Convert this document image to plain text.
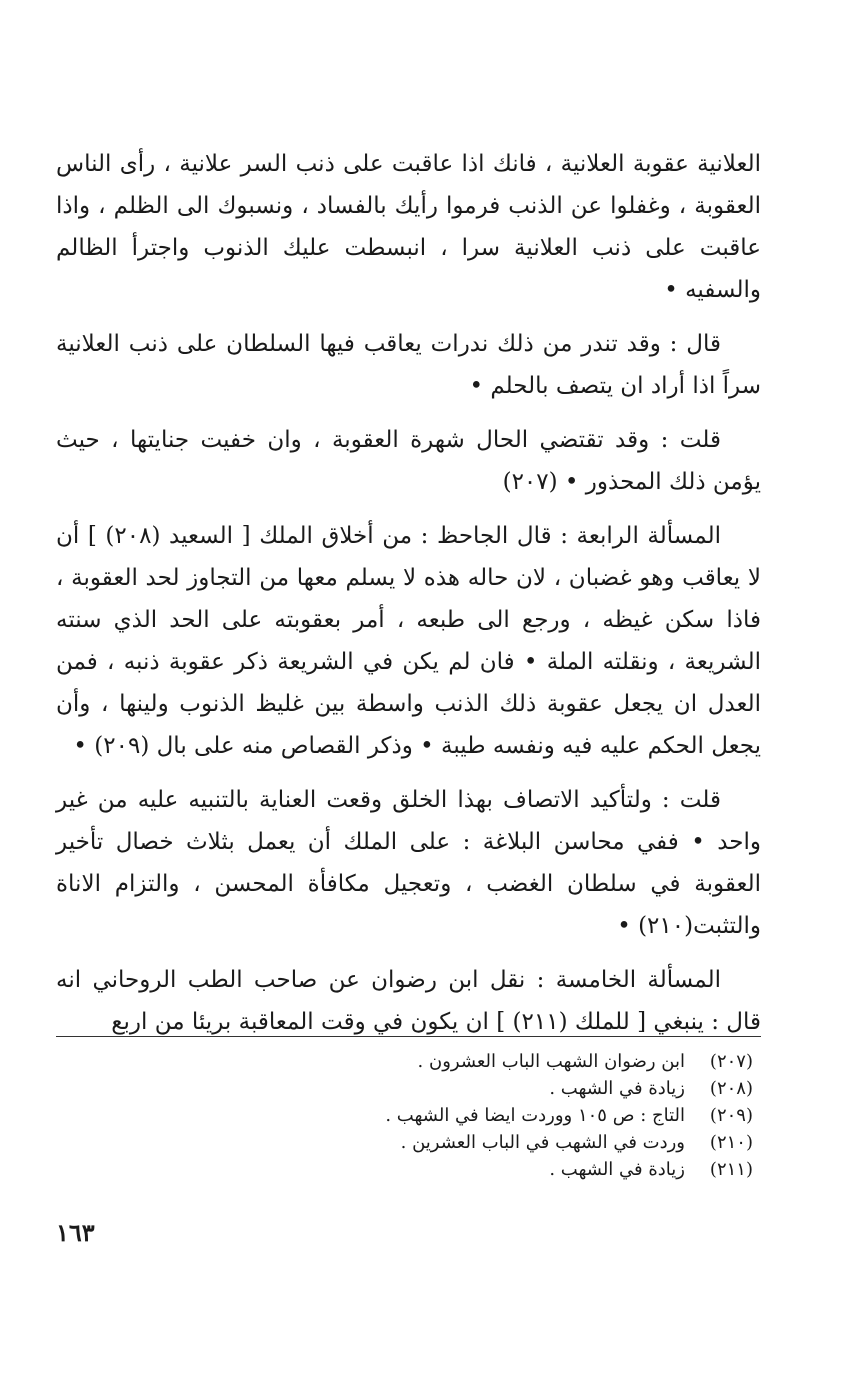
العلانية عقوبة العلانية ، فانك اذا عاقبت على ذنب السر علانية ، رأى الناس العقوبة ، وغفلوا عن الذنب فرموا رأيك بالفساد ، ونسبوك الى الظلم ، واذا عاقبت على ذنب العلانية سرا ، انبسطت عليك الذنوب واجترأ الظالم والسفيه •

قال : وقد تندر من ذلك ندرات يعاقب فيها السلطان على ذنب العلانية سراً اذا أراد ان يتصف بالحلم •

قلت : وقد تقتضي الحال شهرة العقوبة ، وان خفيت جنايتها ، حيث يؤمن ذلك المحذور • (٢٠٧)

المسألة الرابعة : قال الجاحظ : من أخلاق الملك [ السعيد (٢٠٨) ] أن لا يعاقب وهو غضبان ، لان حاله هذه لا يسلم معها من التجاوز لحد العقوبة ، فاذا سكن غيظه ، ورجع الى طبعه ، أمر بعقوبته على الحد الذي سنته الشريعة ، ونقلته الملة • فان لم يكن في الشريعة ذكر عقوبة ذنبه ، فمن العدل ان يجعل عقوبة ذلك الذنب واسطة بين غليظ الذنوب ولينها ، وأن يجعل الحكم عليه فيه ونفسه طيبة • وذكر القصاص منه على بال (٢٠٩) •

قلت : ولتأكيد الاتصاف بهذا الخلق وقعت العناية بالتنبيه عليه من غير واحد • ففي محاسن البلاغة : على الملك أن يعمل بثلاث خصال تأخير العقوبة في سلطان الغضب ، وتعجيل مكافأة المحسن ، والتزام الاناة والتثبت(٢١٠) •

المسألة الخامسة : نقل ابن رضوان عن صاحب الطب الروحاني انه قال : ينبغي [ للملك (٢١١) ] ان يكون في وقت المعاقبة بريئا من اربع

(٢٠٧)
ابن رضوان الشهب الباب العشرون .
(٢٠٨)
زيادة في الشهب .
(٢٠٩)
التاج : ص ١٠٥ ووردت ايضا في الشهب .
(٢١٠)
وردت في الشهب في الباب العشرين .
(٢١١)
زيادة في الشهب .
١٦٣
